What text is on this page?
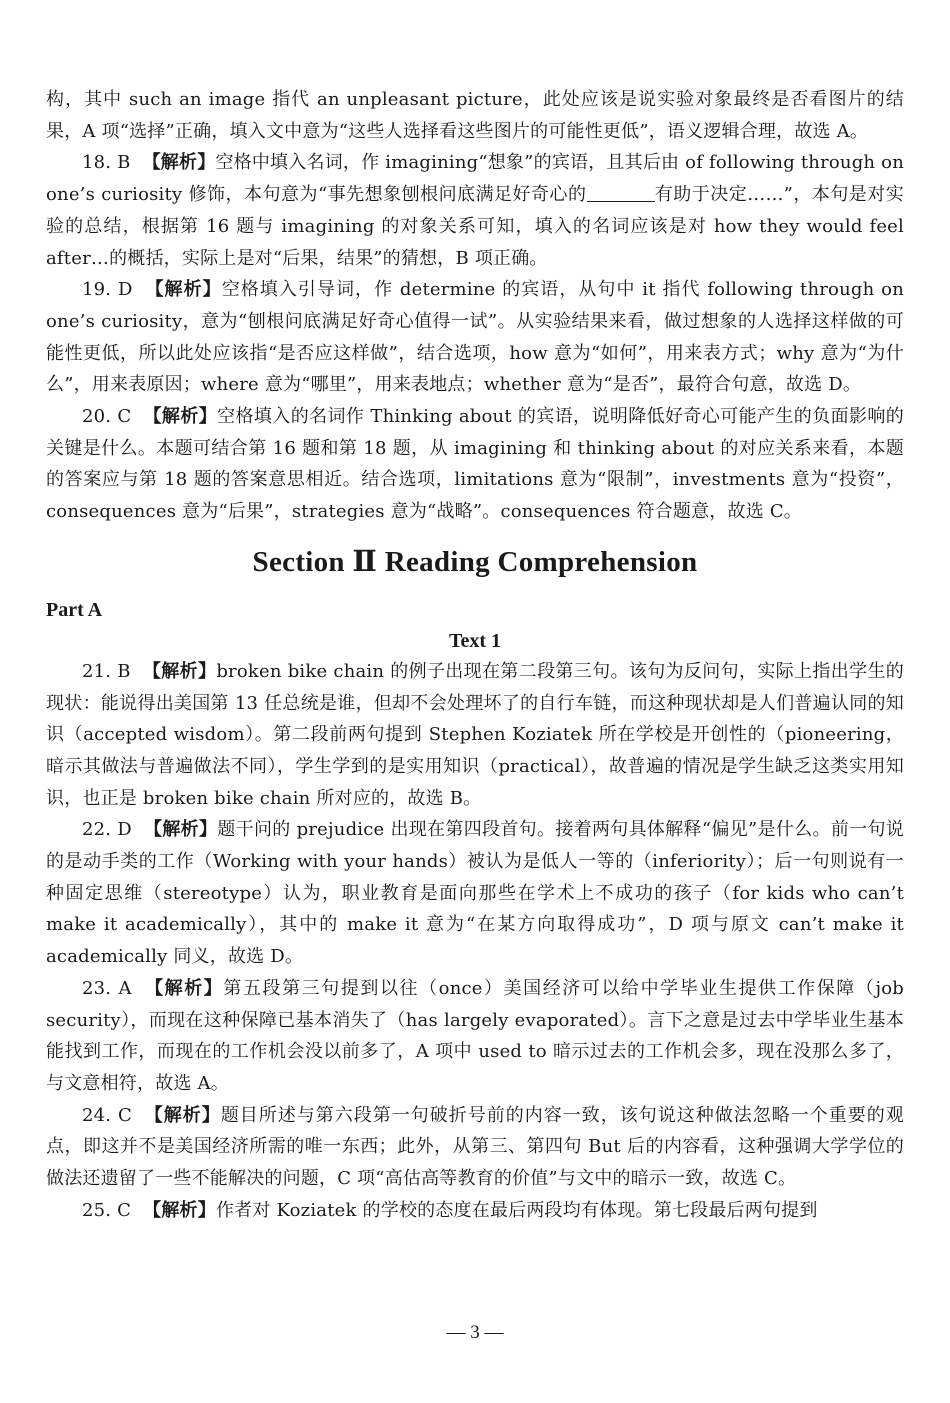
构，其中 such an image 指代 an unpleasant picture，此处应该是说实验对象最终是否看图片的结果，A 项“选择”正确，填入文中意为“这些人选择看这些图片的可能性更低”，语义逻辑合理，故选 A。

18. B 【解析】空格中填入名词，作 imagining“想象”的宾语，且其后由 of following through on one’s curiosity 修饰，本句意为“事先想象刨根问底满足好奇心的	有助于决定……”，本句是对实验的总结，根据第 16 题与 imagining 的对象关系可知，填入的名词应该是对 how they would feel after…的概括，实际上是对“后果，结果”的猜想，B 项正确。

19. D 【解析】空格填入引导词，作 determine 的宾语，从句中 it 指代 following through on one’s curiosity，意为“刨根问底满足好奇心值得一试”。从实验结果来看，做过想象的人选择这样做的可能性更低，所以此处应该指“是否应这样做”，结合选项，how 意为“如何”，用来表方式；why 意为“为什么”，用来表原因；where 意为“哪里”，用来表地点；whether 意为“是否”，最符合句意，故选 D。

20. C 【解析】空格填入的名词作 Thinking about 的宾语，说明降低好奇心可能产生的负面影响的关键是什么。本题可结合第 16 题和第 18 题，从 imagining 和 thinking about 的对应关系来看，本题的答案应与第 18 题的答案意思相近。结合选项，limitations 意为“限制”，investments 意为“投资”，consequences 意为“后果”，strategies 意为“战略”。consequences 符合题意，故选 C。

Section Ⅱ Reading Comprehension
Part A
Text 1

21. B 【解析】broken bike chain 的例子出现在第二段第三句。该句为反问句，实际上指出学生的现状：能说得出美国第 13 任总统是谁，但却不会处理坏了的自行车链，而这种现状却是人们普遍认同的知识（accepted wisdom）。第二段前两句提到 Stephen Koziatek 所在学校是开创性的（pioneering，暗示其做法与普遍做法不同），学生学到的是实用知识（practical），故普遍的情况是学生缺乏这类实用知识，也正是 broken bike chain 所对应的，故选 B。

22. D 【解析】题干问的 prejudice 出现在第四段首句。接着两句具体解释“偏见”是什么。前一句说的是动手类的工作（Working with your hands）被认为是低人一等的（inferiority）；后一句则说有一种固定思维（stereotype）认为，职业教育是面向那些在学术上不成功的孩子（for kids who can’t make it academically），其中的 make it 意为“在某方向取得成功”，D 项与原文 can’t make it academically 同义，故选 D。

23. A 【解析】第五段第三句提到以往（once）美国经济可以给中学毕业生提供工作保障（job security），而现在这种保障已基本消失了（has largely evaporated）。言下之意是过去中学毕业生基本能找到工作，而现在的工作机会没以前多了，A 项中 used to 暗示过去的工作机会多，现在没那么多了，与文意相符，故选 A。

24. C 【解析】题目所述与第六段第一句破折号前的内容一致，该句说这种做法忽略一个重要的观点，即这并不是美国经济所需的唯一东西；此外，从第三、第四句 But 后的内容看，这种强调大学学位的做法还遗留了一些不能解决的问题，C 项“高估高等教育的价值”与文中的暗示一致，故选 C。

25. C 【解析】作者对 Koziatek 的学校的态度在最后两段均有体现。第七段最后两句提到

— 3 —
